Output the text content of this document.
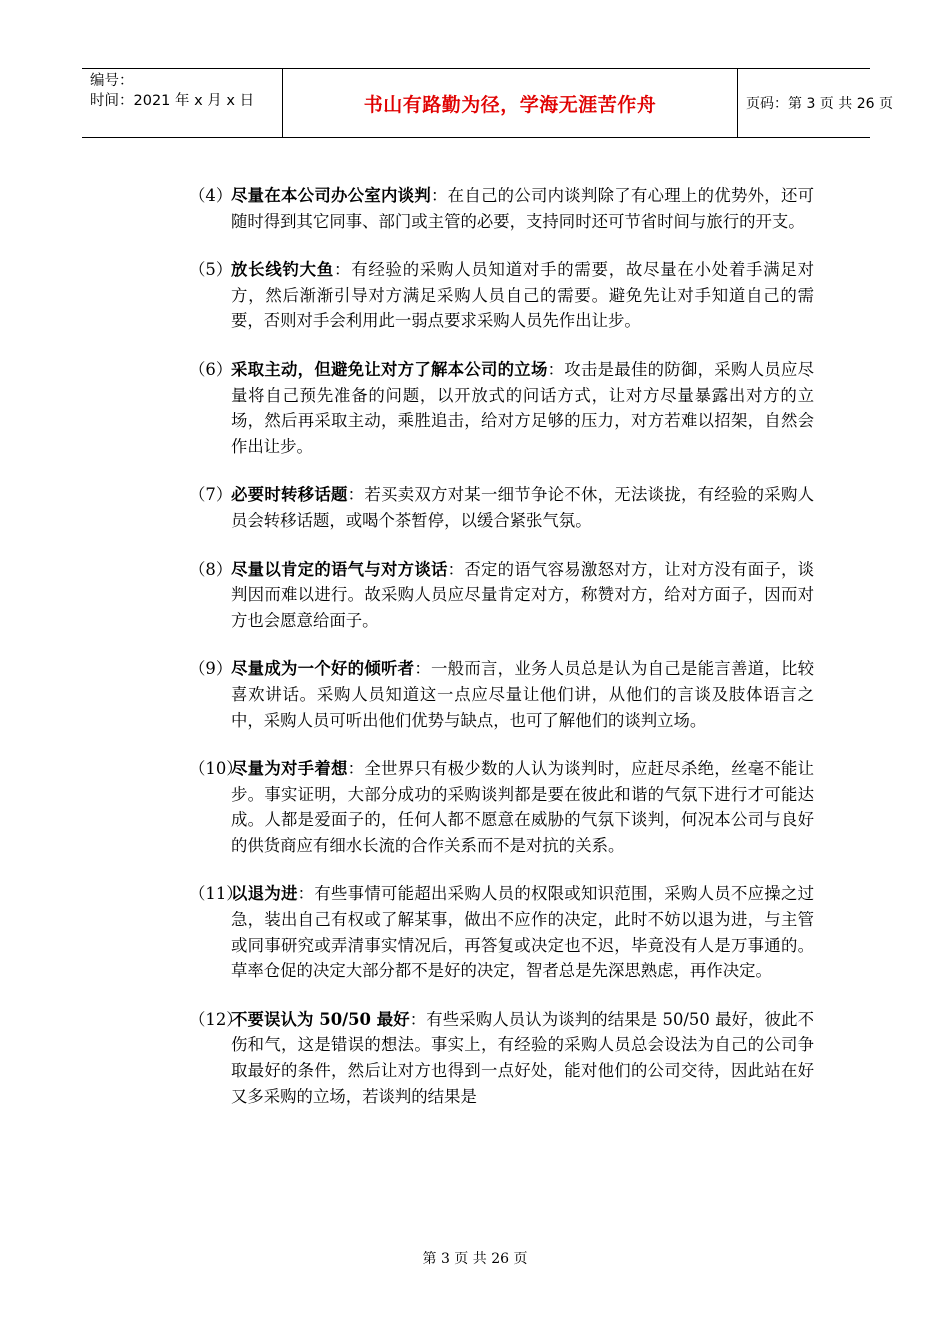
编号：
时间：2021 年 x 月 x 日	书山有路勤为径，学海无涯苦作舟	页码：第 3 页 共 26 页
（4）
尽量在本公司办公室内谈判：在自己的公司内谈判除了有心理上的优势外，还可随时得到其它同事、部门或主管的必要，支持同时还可节省时间与旅行的开支。
（5）
放长线钓大鱼：有经验的采购人员知道对手的需要，故尽量在小处着手满足对方，然后渐渐引导对方满足采购人员自己的需要。避免先让对手知道自己的需要，否则对手会利用此一弱点要求采购人员先作出让步。
（6）
采取主动，但避免让对方了解本公司的立场：攻击是最佳的防御，采购人员应尽量将自己预先准备的问题，以开放式的问话方式，让对方尽量暴露出对方的立场，然后再采取主动，乘胜追击，给对方足够的压力，对方若难以招架，自然会作出让步。
（7）
必要时转移话题：若买卖双方对某一细节争论不休，无法谈拢，有经验的采购人员会转移话题，或喝个茶暂停，以缓合紧张气氛。
（8）
尽量以肯定的语气与对方谈话：否定的语气容易激怒对方，让对方没有面子，谈判因而难以进行。故采购人员应尽量肯定对方，称赞对方，给对方面子，因而对方也会愿意给面子。
（9）
尽量成为一个好的倾听者：一般而言，业务人员总是认为自己是能言善道，比较喜欢讲话。采购人员知道这一点应尽量让他们讲，从他们的言谈及肢体语言之中，采购人员可听出他们优势与缺点，也可了解他们的谈判立场。
（10）
尽量为对手着想：全世界只有极少数的人认为谈判时，应赶尽杀绝，丝毫不能让步。事实证明，大部分成功的采购谈判都是要在彼此和谐的气氛下进行才可能达成。人都是爱面子的，任何人都不愿意在威胁的气氛下谈判，何况本公司与良好的供货商应有细水长流的合作关系而不是对抗的关系。
（11）
以退为进：有些事情可能超出采购人员的权限或知识范围，采购人员不应操之过急，装出自己有权或了解某事，做出不应作的决定，此时不妨以退为进，与主管或同事研究或弄清事实情况后，再答复或决定也不迟，毕竟没有人是万事通的。草率仓促的决定大部分都不是好的决定，智者总是先深思熟虑，再作决定。
（12）
不要误认为 50/50 最好：有些采购人员认为谈判的结果是 50/50 最好，彼此不伤和气，这是错误的想法。事实上，有经验的采购人员总会设法为自己的公司争取最好的条件，然后让对方也得到一点好处，能对他们的公司交待，因此站在好又多采购的立场，若谈判的结果是
第 3 页 共 26 页
